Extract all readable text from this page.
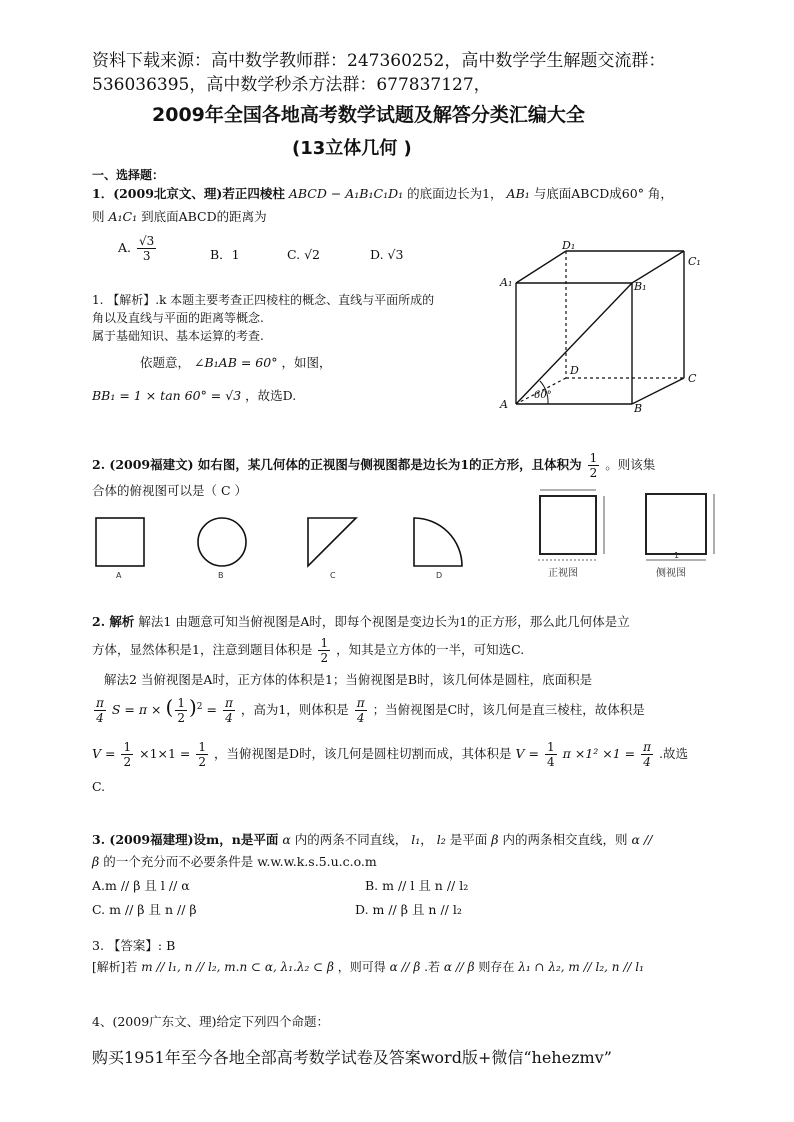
资料下载来源：高中数学教师群：247360252，高中数学学生解题交流群：
536036395，高中数学秒杀方法群：677837127，
2009年全国各地高考数学试题及解答分类汇编大全
(13立体几何 )
一、选择题：
1．(2009北京文、理)若正四棱柱 ABCD − A₁B₁C₁D₁ 的底面边长为1， AB₁ 与底面ABCD成60° 角，
则 A₁C₁ 到底面ABCD的距离为
A. $\frac{√3}{3}$	B．1	C. √2	D. √3
1. 【解析】.k 本题主要考查正四棱柱的概念、直线与平面所成的
角以及直线与平面的距离等概念.
属于基础知识、基本运算的考查.
依题意， ∠B₁AB = 60° ，如图，
BB₁ = 1 × tan 60° = √3 ，故选D.
A₁
D₁
C₁
B₁
D
C
A	B
60°
2. (2009福建文) 如右图，某几何体的正视图与侧视图都是边长为1的正方形，且体积为 $\frac{1}{2}$ 。则该集
合体的俯视图可以是（ C ）
A	B	C	D	正视图	侧视图
1
2. 解析 解法1 由题意可知当俯视图是A时，即每个视图是变边长为1的正方形，那么此几何体是立
方体，显然体积是1，注意到题目体积是 $\frac{1}{2}$ ，知其是立方体的一半，可知选C.
解法2 当俯视图是A时，正方体的体积是1；当俯视图是B时，该几何体是圆柱，底面积是
$\frac{\pi}{4}$ S = π × ( $\frac{1}{2} )^2 = \frac{\pi}{4}$ ，高为1，则体积是 $\frac{\pi}{4}$ ；当俯视图是C时，该几何是直三棱柱，故体积是
$V = \frac{1}{2} \times 1\times 1 = \frac{1}{2}$ ，当俯视图是D时，该几何是圆柱切割而成，其体积是 $V = \frac{1}{4}$ $\pi \times 1^2 \times 1 = \frac{\pi}{4}$ .故选
C.
3. (2009福建理)设m，n是平面 α 内的两条不同直线， l₁， l₂ 是平面 β 内的两条相交直线，则 α //
β 的一个充分而不必要条件是 w.w.w.k.s.5.u.c.o.m
A.m // β 且 l // α	B. m // l 且 n // l₂
C. m // β 且 n // β	D. m // β 且 n // l₂
3. 【答案】: B
[解析]若 m // l₁, n // l₂, m.n ⊂ α, λ₁.λ₂ ⊂ β ，则可得 α // β .若 α // β 则存在 λ₁ ∩ λ₂, m // l₂, n // l₁
4、(2009广东文、理)给定下列四个命题：
购买1951年至今各地全部高考数学试卷及答案word版+微信“hehezmv”
